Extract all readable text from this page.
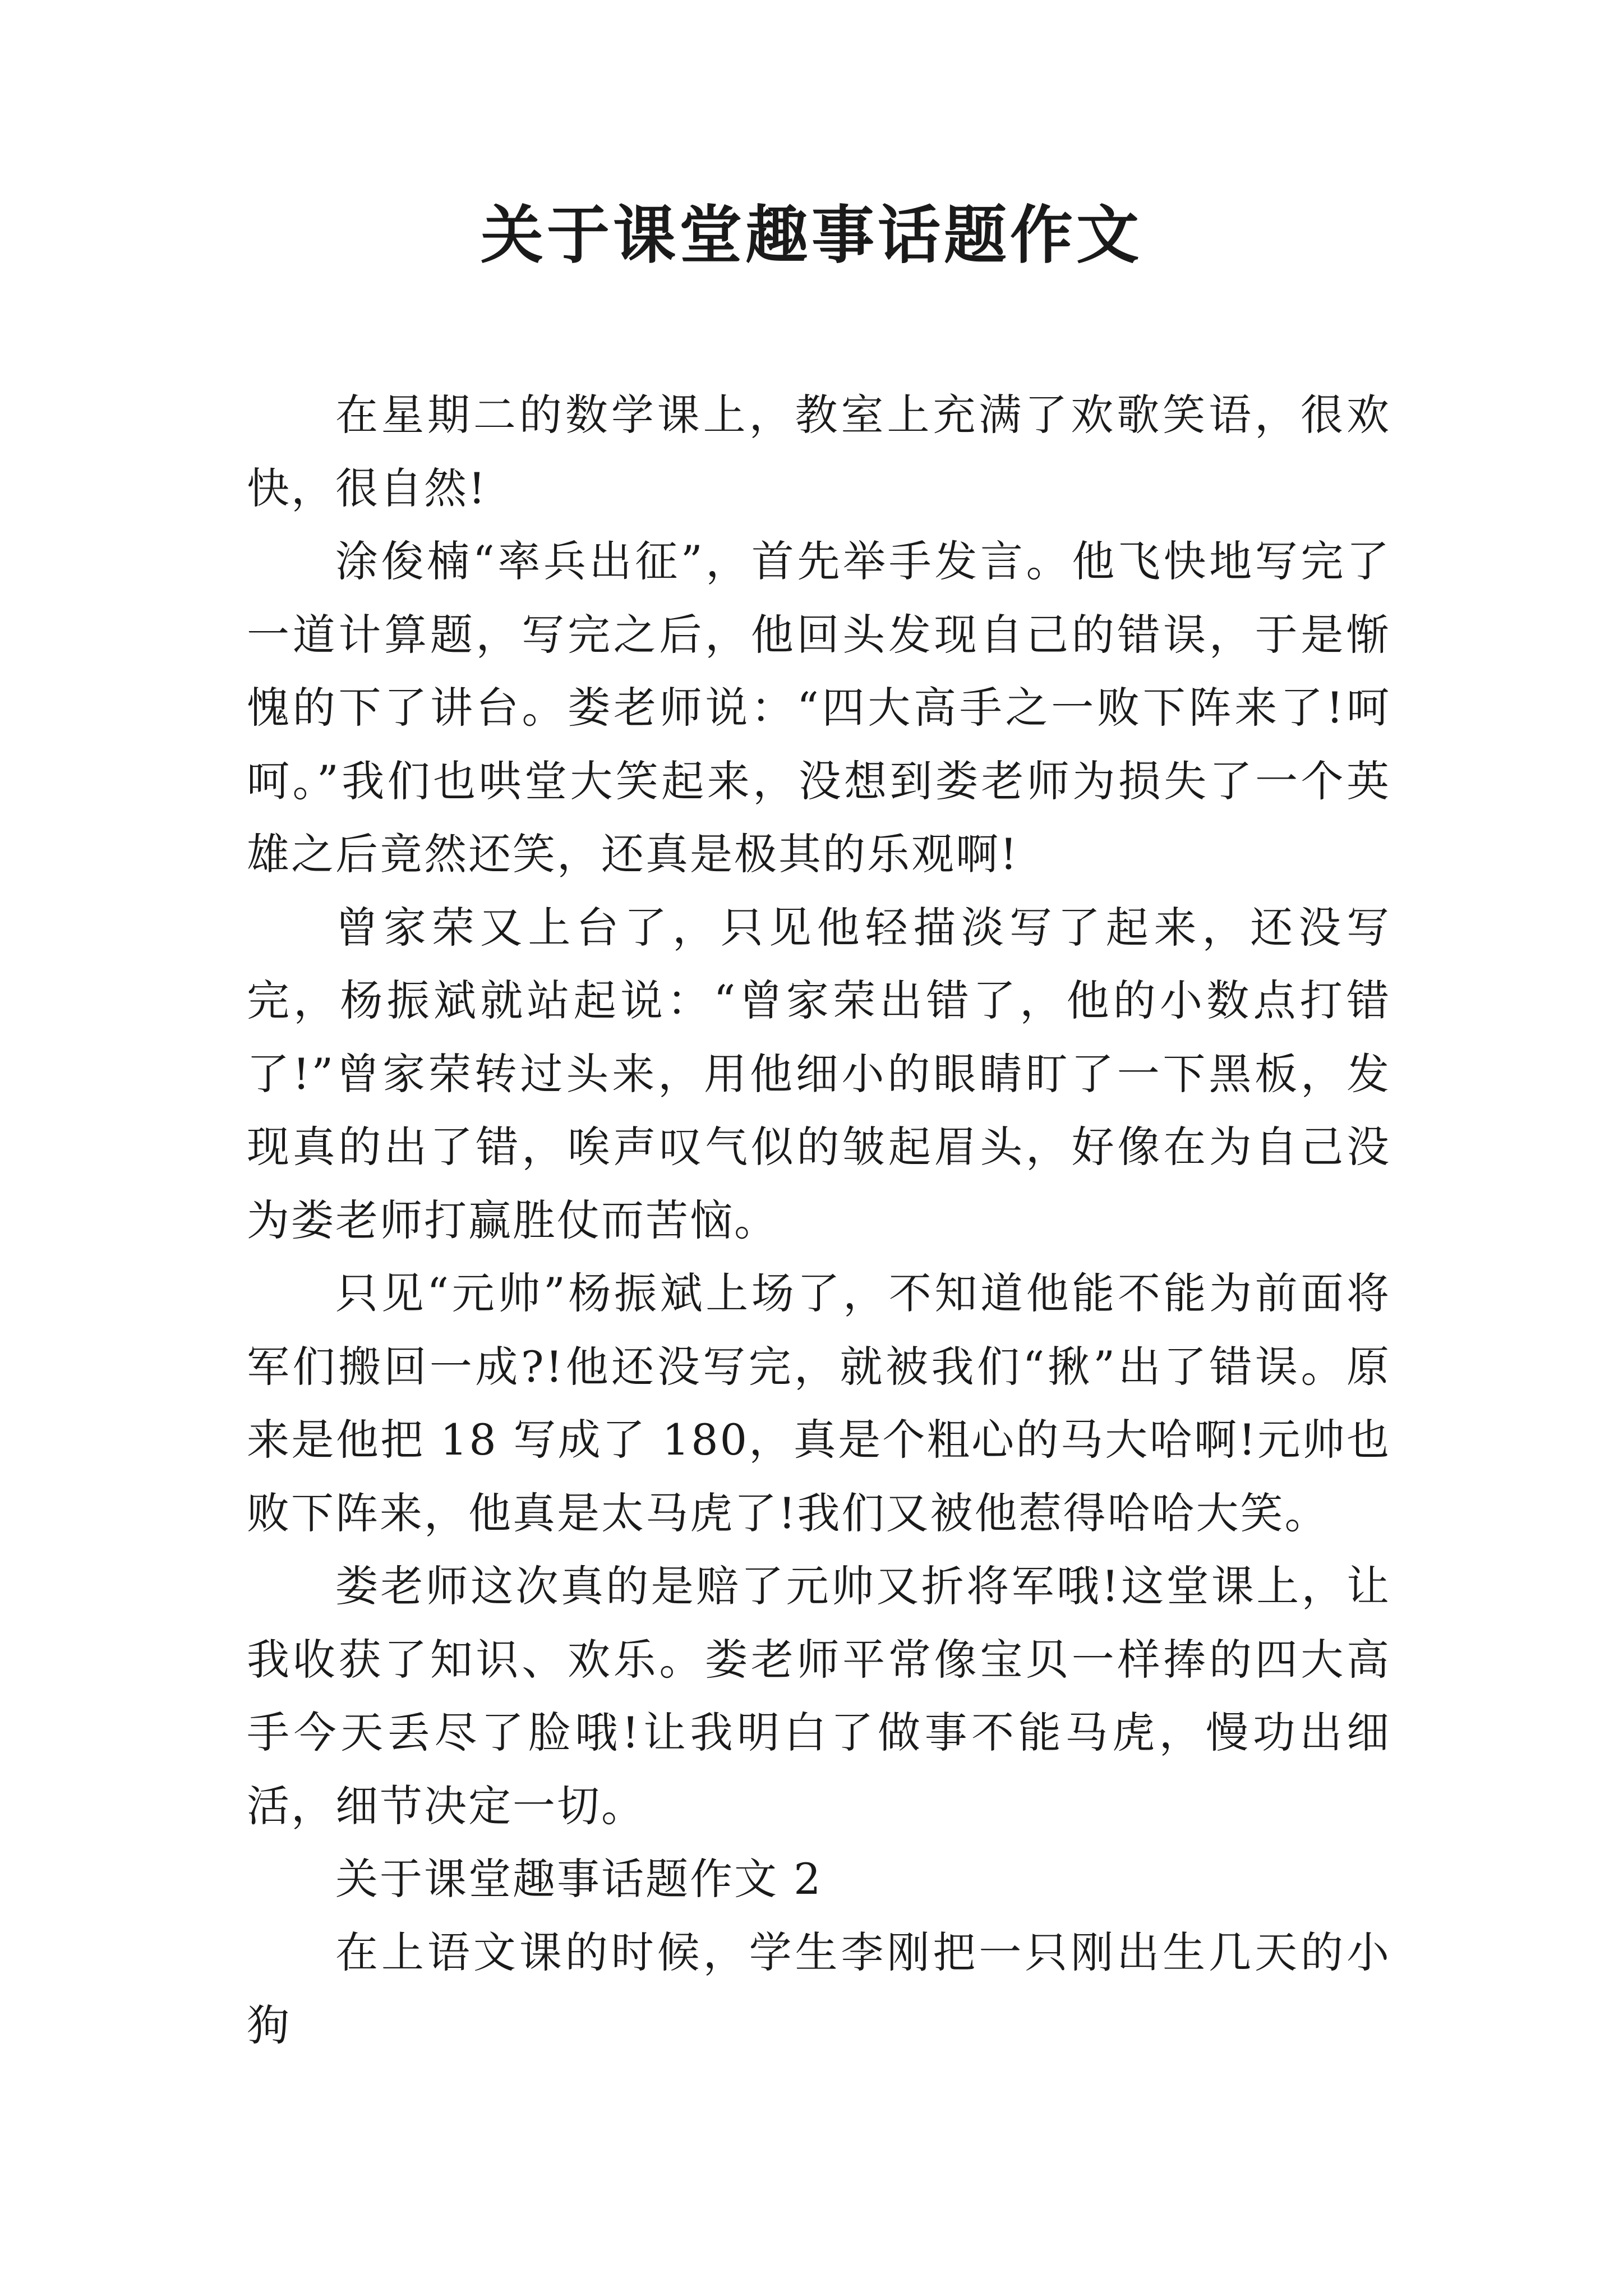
关于课堂趣事话题作文

在星期二的数学课上，教室上充满了欢歌笑语，很欢快，很自然!

涂俊楠“率兵出征”，首先举手发言。他飞快地写完了一道计算题，写完之后，他回头发现自己的错误，于是惭愧的下了讲台。娄老师说：“四大高手之一败下阵来了!呵呵。”我们也哄堂大笑起来，没想到娄老师为损失了一个英雄之后竟然还笑，还真是极其的乐观啊!

曾家荣又上台了，只见他轻描淡写了起来，还没写完，杨振斌就站起说：“曾家荣出错了，他的小数点打错了!”曾家荣转过头来，用他细小的眼睛盯了一下黑板，发现真的出了错，唉声叹气似的皱起眉头，好像在为自己没为娄老师打赢胜仗而苦恼。

只见“元帅”杨振斌上场了，不知道他能不能为前面将军们搬回一成?!他还没写完，就被我们“揪”出了错误。原来是他把 18 写成了 180，真是个粗心的马大哈啊!元帅也败下阵来，他真是太马虎了!我们又被他惹得哈哈大笑。

娄老师这次真的是赔了元帅又折将军哦!这堂课上，让我收获了知识、欢乐。娄老师平常像宝贝一样捧的四大高手今天丢尽了脸哦!让我明白了做事不能马虎，慢功出细活，细节决定一切。

关于课堂趣事话题作文 2

在上语文课的时候，学生李刚把一只刚出生几天的小狗
